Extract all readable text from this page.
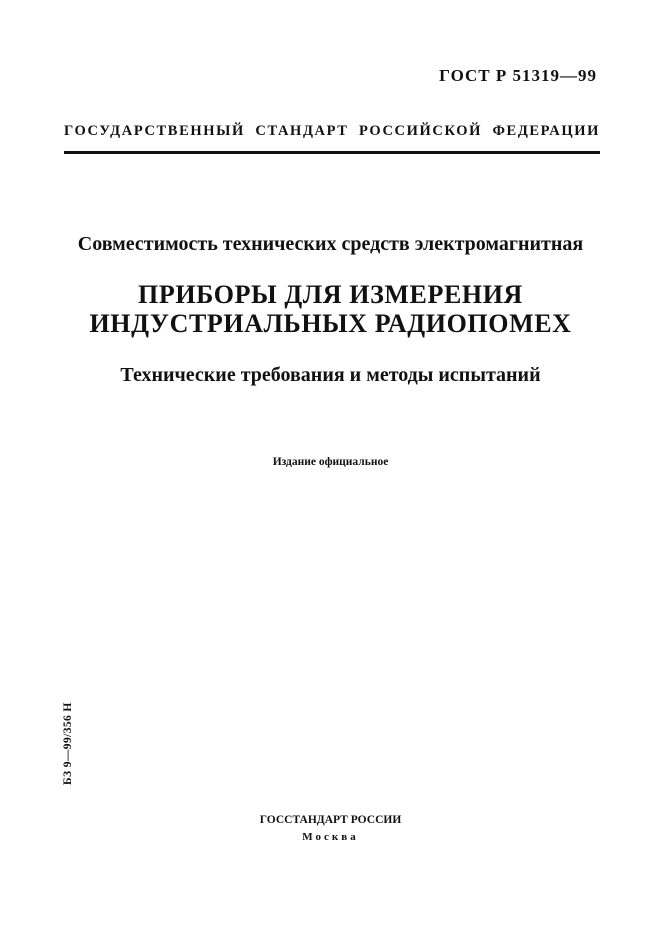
ГОСТ Р 51319—99
ГОСУДАРСТВЕННЫЙ СТАНДАРТ РОССИЙСКОЙ ФЕДЕРАЦИИ
Совместимость технических средств электромагнитная
ПРИБОРЫ ДЛЯ ИЗМЕРЕНИЯ
ИНДУСТРИАЛЬНЫХ РАДИОПОМЕХ
Технические требования и методы испытаний
Издание официальное
БЗ 9—99/356 Н
ГОССТАНДАРТ РОССИИ
Москва
